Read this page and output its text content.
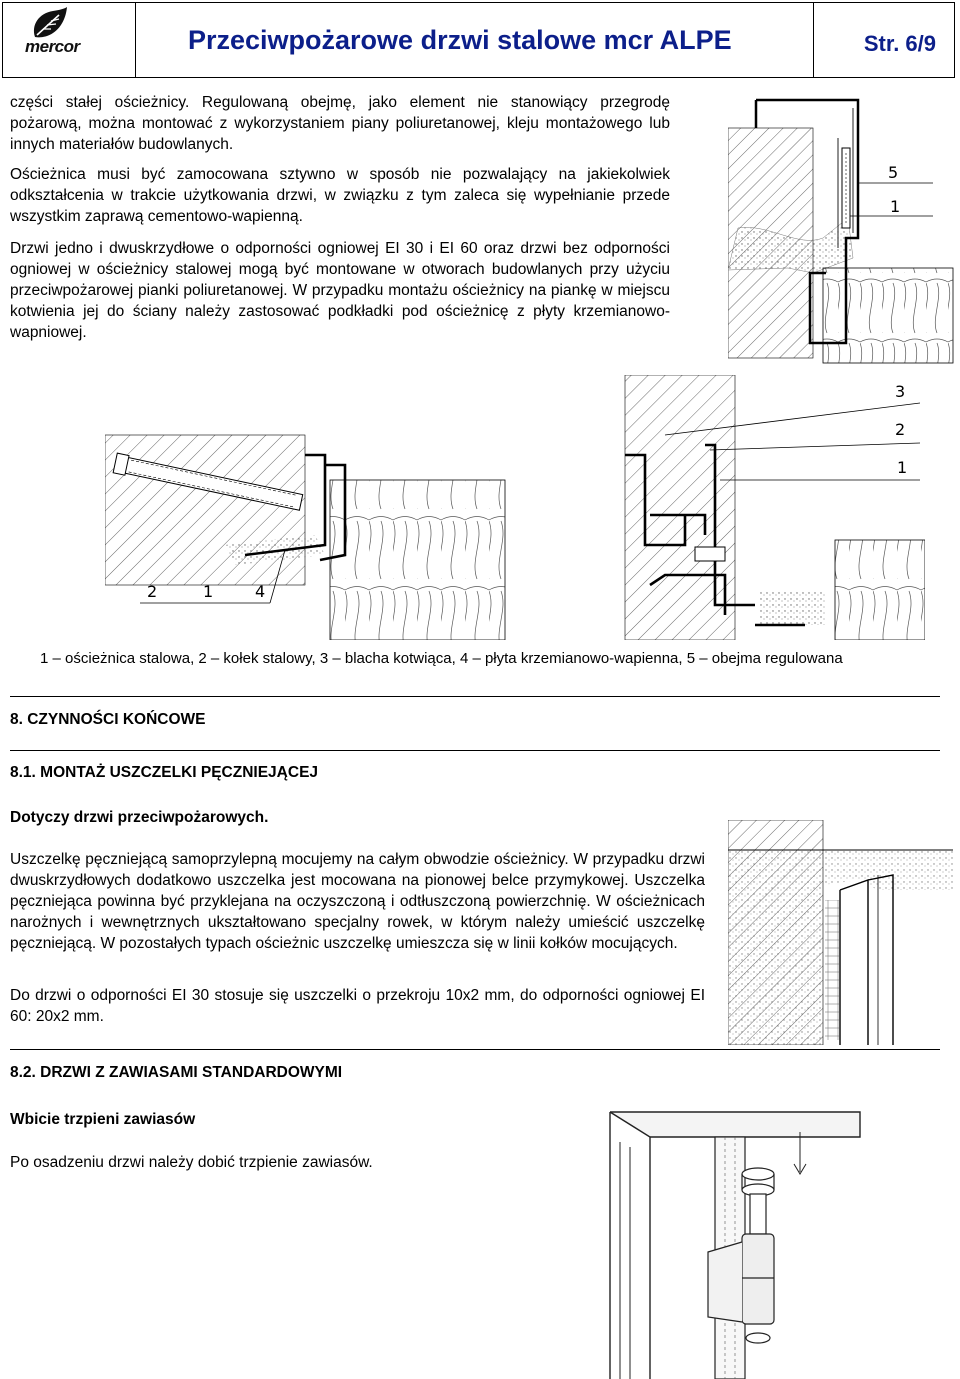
mercor	Przeciwpożarowe drzwi stalowe mcr ALPE	Str. 6/9
części stałej ościeżnicy. Regulowaną obejmę, jako element nie stanowiący przegrodę pożarową, można montować z wykorzystaniem piany poliuretanowej, kleju montażowego lub innych materiałów budowlanych.
Ościeżnica musi być zamocowana sztywno w sposób nie pozwalający na jakiekolwiek odkształcenia w trakcie użytkowania drzwi, w związku z tym zaleca się wypełnianie przede wszystkim zaprawą cementowo-wapienną.
Drzwi jedno i dwuskrzydłowe o odporności ogniowej EI 30 i EI 60 oraz drzwi bez odporności ogniowej w ościeżnicy stalowej mogą być montowane w otworach budowlanych przy użyciu przeciwpożarowej pianki poliuretanowej. W przypadku montażu ościeżnicy na piankę w miejscu kotwienia jej do ściany należy zastosować podkładki pod ościeżnicę z płyty krzemianowo-wapniowej.
5
1
3
2
1
2	1	4
1 – ościeżnica stalowa, 2 – kołek stalowy, 3 – blacha kotwiąca, 4 – płyta krzemianowo-wapienna, 5 – obejma regulowana
8. CZYNNOŚCI KOŃCOWE
8.1. MONTAŻ USZCZELKI PĘCZNIEJĄCEJ
Dotyczy drzwi przeciwpożarowych.
Uszczelkę pęczniejącą samoprzylepną mocujemy na całym obwodzie ościeżnicy. W przypadku drzwi dwuskrzydłowych dodatkowo uszczelka jest mocowana na pionowej belce przymykowej. Uszczelka pęczniejąca powinna być przyklejana na oczyszczoną i odtłuszczoną powierzchnię. W ościeżnicach narożnych i wewnętrznych ukształtowano specjalny rowek, w którym należy umieścić uszczelkę pęczniejącą. W pozostałych typach ościeżnic uszczelkę umieszcza się w linii kołków mocujących.
Do drzwi o odporności EI 30 stosuje się uszczelki o przekroju 10x2 mm, do odporności ogniowej EI 60: 20x2 mm.
8.2. DRZWI Z ZAWIASAMI STANDARDOWYMI
Wbicie trzpieni zawiasów
Po osadzeniu drzwi należy dobić trzpienie zawiasów.
